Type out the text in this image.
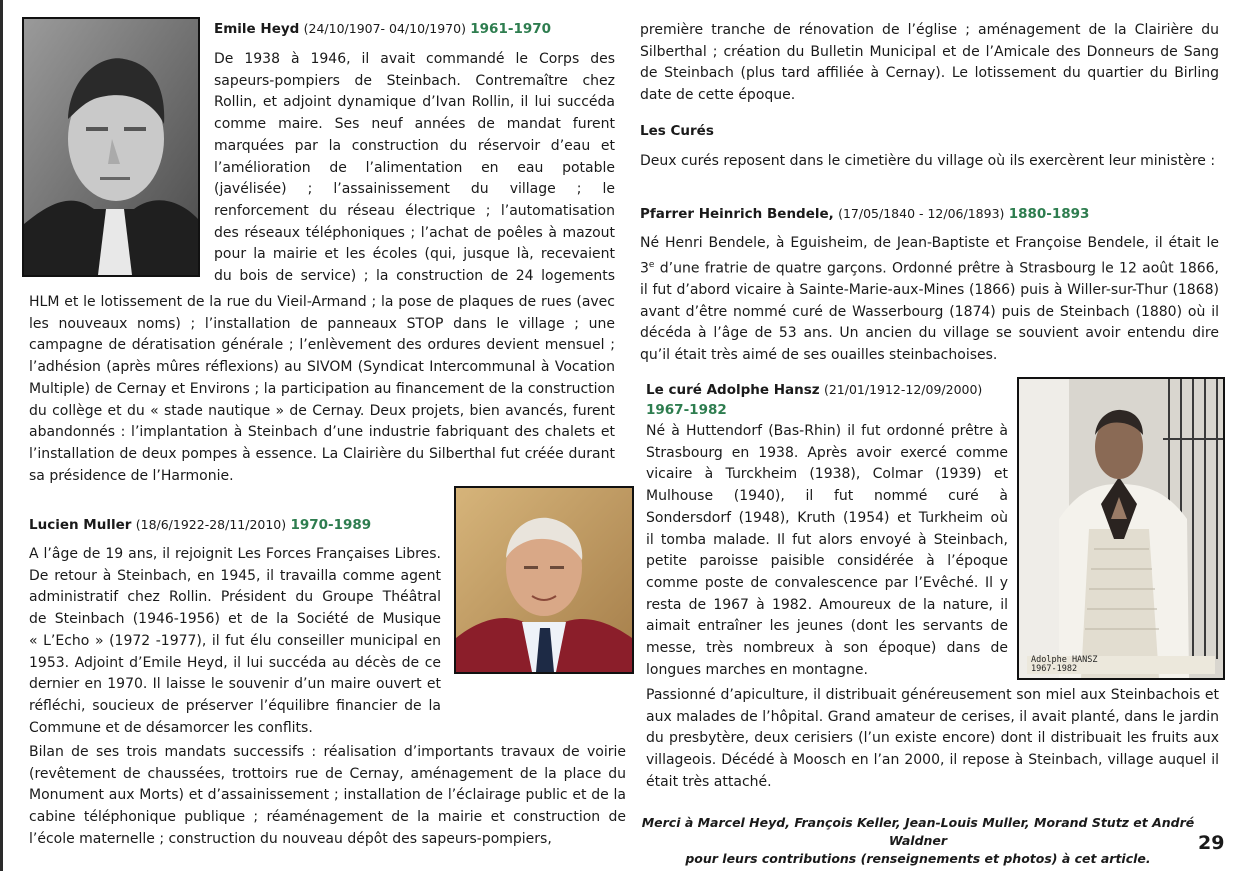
Adolphe HANSZ
1967-1982
Emile Heyd (24/10/1907- 04/10/1970) 1961-1970
De 1938 à 1946, il avait commandé le Corps des
sapeurs-pompiers de Steinbach. Contremaître chez
Rollin, et adjoint dynamique d’Ivan Rollin, il lui succéda
comme maire. Ses neuf années de mandat furent
marquées par la construction du réservoir d’eau et
l’amélioration de l’alimentation en eau potable
(javélisée) ; l’assainissement du village ; le
renforcement du réseau électrique ; l’automatisation
des réseaux téléphoniques ; l’achat de poêles à mazout
pour la mairie et les écoles (qui, jusque là, recevaient
du bois de service) ; la construction de 24 logements
HLM et le lotissement de la rue du Vieil-Armand ; la pose de plaques de rues (avec les nouveaux noms) ; l’installation de panneaux STOP dans le village ; une campagne de dératisation générale ; l’enlèvement des ordures devient mensuel ; l’adhésion (après mûres réflexions) au SIVOM (Syndicat Intercommunal à Vocation Multiple) de Cernay et Environs ; la participation au financement de la construction du collège et du « stade nautique » de Cernay. Deux projets, bien avancés, furent abandonnés : l’implantation à Steinbach d’une industrie fabriquant des chalets et l’installation de deux pompes à essence. La Clairière du Silberthal fut créée durant sa présidence de l’Harmonie.
Lucien Muller (18/6/1922-28/11/2010) 1970-1989
A l’âge de 19 ans, il rejoignit Les Forces Françaises Libres.
De retour à Steinbach, en 1945, il travailla comme agent
administratif chez Rollin. Président du Groupe Théâtral
de Steinbach (1946-1956) et de la Société de Musique
« L’Echo » (1972 -1977), il fut élu conseiller municipal en
1953. Adjoint d’Emile Heyd, il lui succéda au décès de ce
dernier en 1970. Il laisse le souvenir d’un maire ouvert et
réfléchi, soucieux de préserver l’équilibre financier de la
Commune et de désamorcer les conflits.
Bilan de ses trois mandats successifs : réalisation d’importants travaux de voirie (revêtement de chaussées, trottoirs rue de Cernay, aménagement de la place du Monument aux Morts) et d’assainissement ; installation de l’éclairage public et de la cabine téléphonique publique ; réaménagement de la mairie et construction de l’école maternelle ; construction du nouveau dépôt des sapeurs-pompiers,
première tranche de rénovation de l’église ; aménagement de la Clairière du Silberthal ; création du Bulletin Municipal et de l’Amicale des Donneurs de Sang de Steinbach (plus tard affiliée à Cernay). Le lotissement du quartier du Birling date de cette époque.
Les Curés
Deux curés reposent dans le cimetière du village où ils exercèrent leur ministère :
Pfarrer Heinrich Bendele, (17/05/1840 - 12/06/1893) 1880-1893
Né Henri Bendele, à Eguisheim, de Jean-Baptiste et Françoise Bendele, il était le 3e d’une fratrie de quatre garçons. Ordonné prêtre à Strasbourg le 12 août 1866, il fut d’abord vicaire à Sainte-Marie-aux-Mines (1866) puis à Willer-sur-Thur (1868) avant d’être nommé curé de Wasserbourg (1874) puis de Steinbach (1880) où il décéda à l’âge de 53 ans. Un ancien du village se souvient avoir entendu dire qu’il était très aimé de ses ouailles steinbachoises.
Le curé Adolphe Hansz (21/01/1912-12/09/2000)
1967-1982
Né à Huttendorf (Bas-Rhin) il fut ordonné prêtre à
Strasbourg en 1938. Après avoir exercé comme
vicaire à Turckheim (1938), Colmar (1939) et
Mulhouse (1940), il fut nommé curé à
Sondersdorf (1948), Kruth (1954) et Turkheim où
il tomba malade. Il fut alors envoyé à Steinbach,
petite paroisse paisible considérée à l’époque
comme poste de convalescence par l’Evêché. Il y
resta de 1967 à 1982. Amoureux de la nature, il
aimait entraîner les jeunes (dont les servants de
messe, très nombreux à son époque) dans de
longues marches en montagne.
Passionné d’apiculture, il distribuait généreusement son miel aux Steinbachois et aux malades de l’hôpital. Grand amateur de cerises, il avait planté, dans le jardin du presbytère, deux cerisiers (l’un existe encore) dont il distribuait les fruits aux villageois. Décédé à Moosch en l’an 2000, il repose à Steinbach, village auquel il était très attaché.
Merci à Marcel Heyd, François Keller, Jean-Louis Muller, Morand Stutz et André Waldner
pour leurs contributions (renseignements et photos) à cet article.
29
